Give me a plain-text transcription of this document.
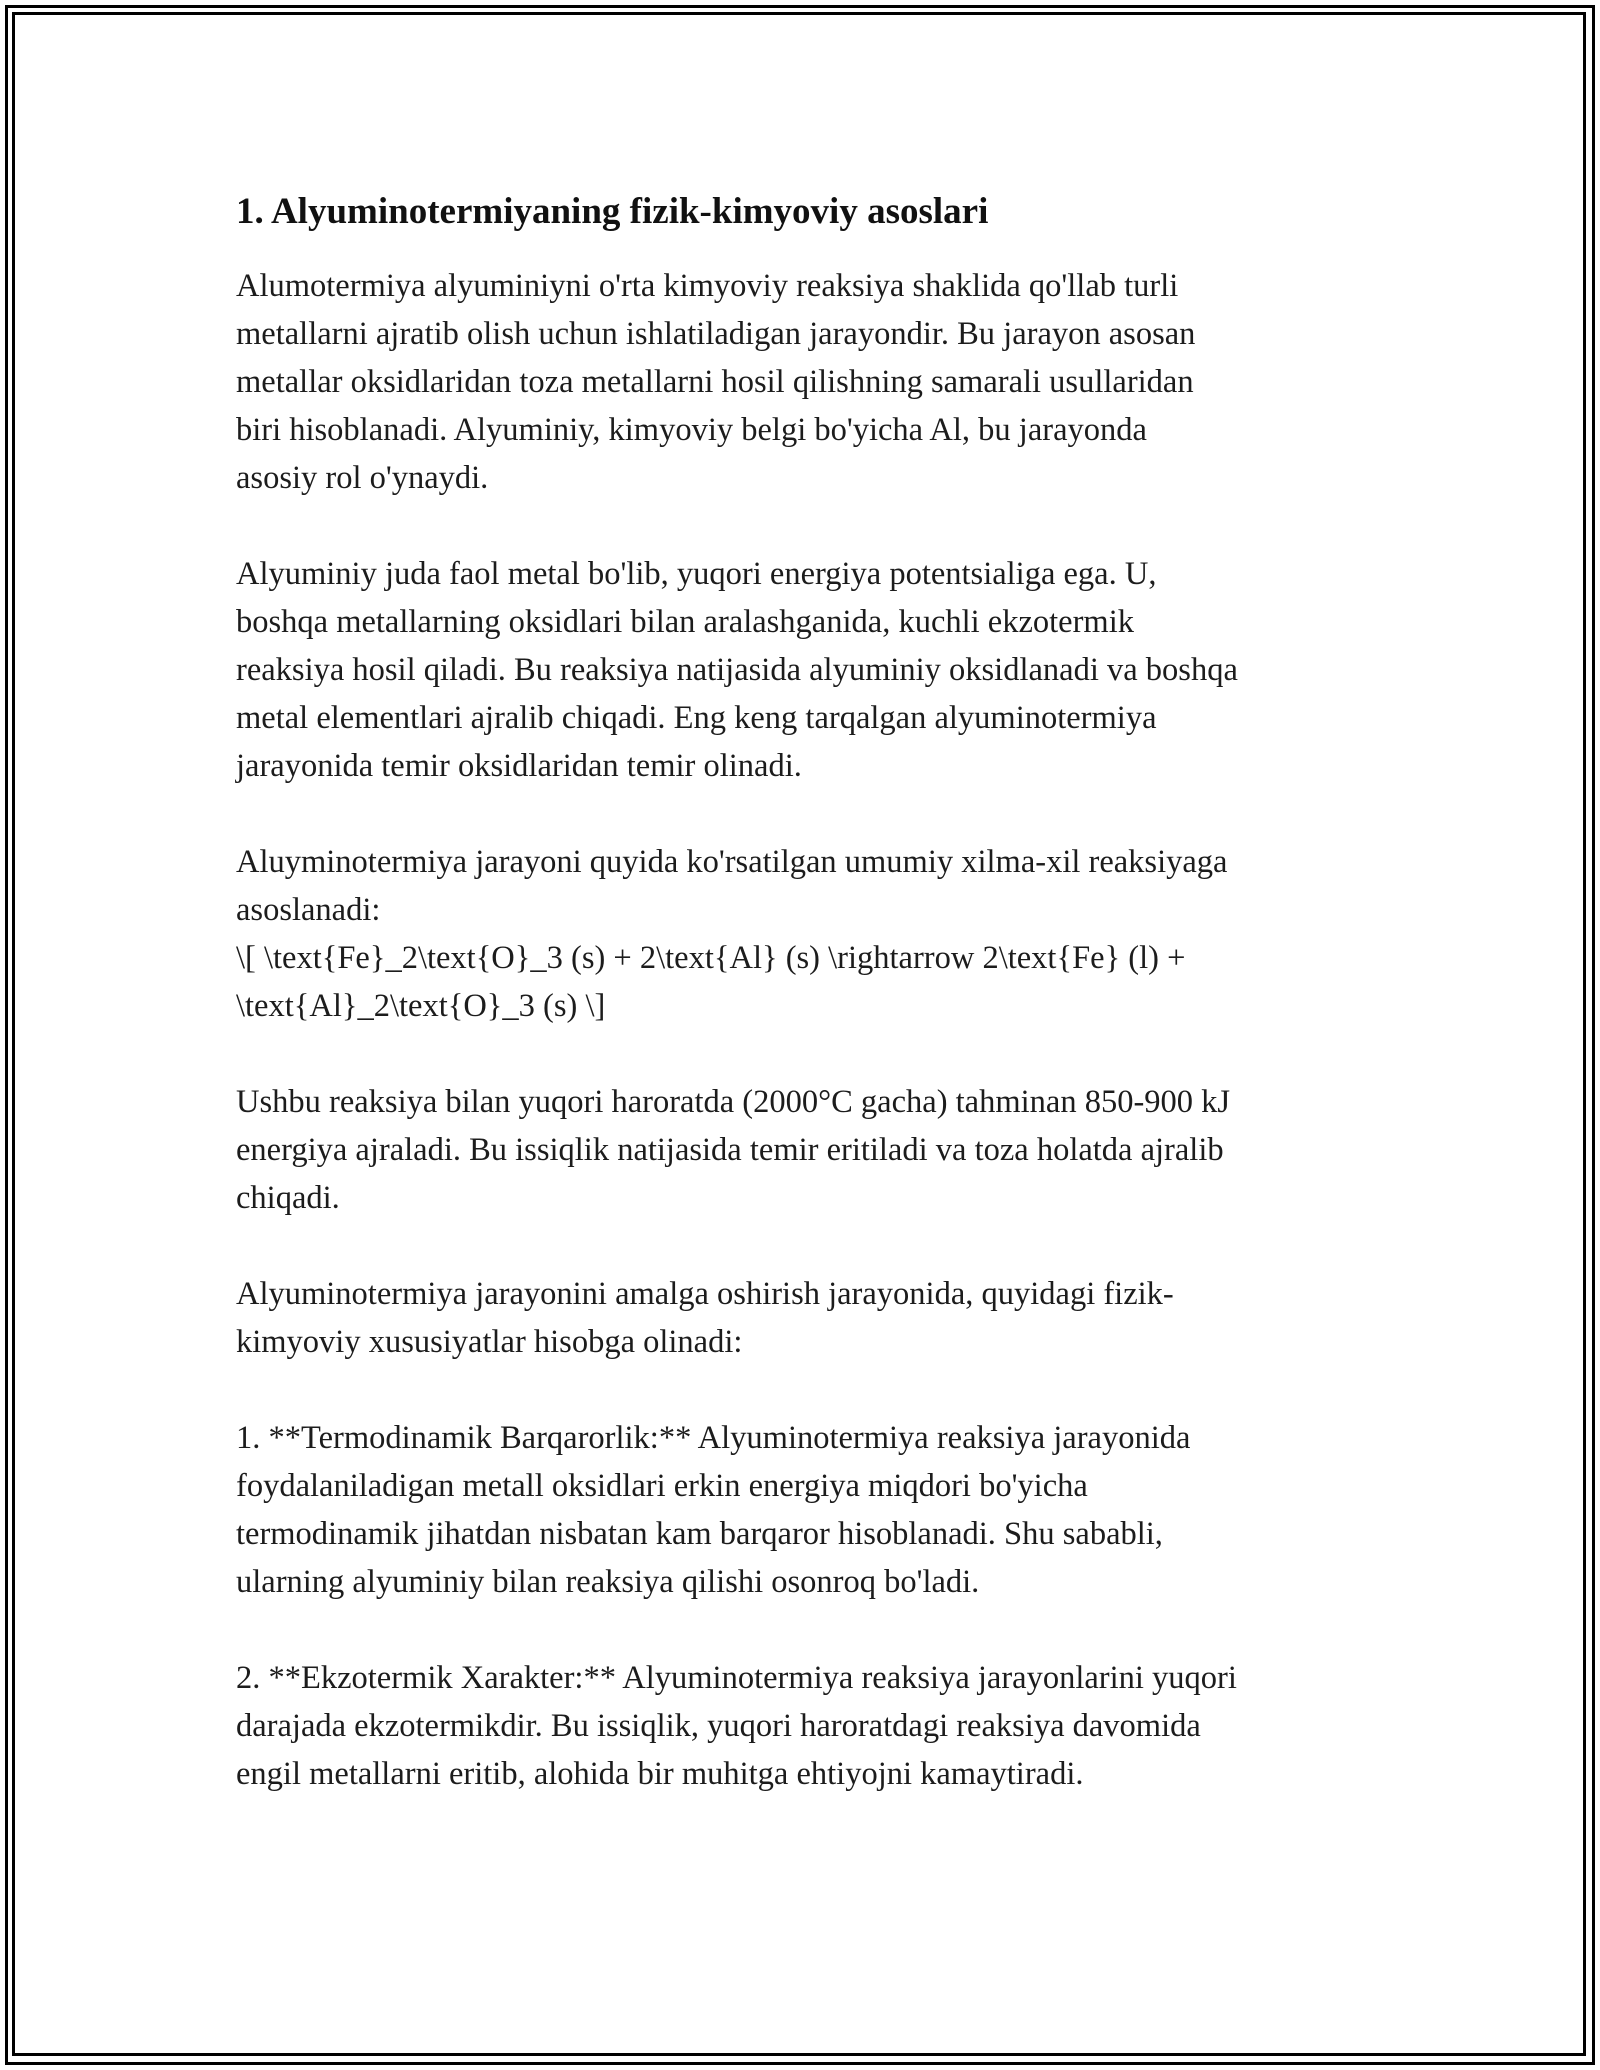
1. Alyuminotermiyaning fizik-kimyoviy asoslari

Alumotermiya alyuminiyni o'rta kimyoviy reaksiya shaklida qo'llab turli
metallarni ajratib olish uchun ishlatiladigan jarayondir. Bu jarayon asosan
metallar oksidlaridan toza metallarni hosil qilishning samarali usullaridan
biri hisoblanadi. Alyuminiy, kimyoviy belgi bo'yicha Al, bu jarayonda
asosiy rol o'ynaydi.

Alyuminiy juda faol metal bo'lib, yuqori energiya potentsialiga ega. U,
boshqa metallarning oksidlari bilan aralashganida, kuchli ekzotermik
reaksiya hosil qiladi. Bu reaksiya natijasida alyuminiy oksidlanadi va boshqa
metal elementlari ajralib chiqadi. Eng keng tarqalgan alyuminotermiya
jarayonida temir oksidlaridan temir olinadi.

Aluyminotermiya jarayoni quyida ko'rsatilgan umumiy xilma-xil reaksiyaga
asoslanadi:
\[ \text{Fe}_2\text{O}_3 (s) + 2\text{Al} (s) \rightarrow 2\text{Fe} (l) +
\text{Al}_2\text{O}_3 (s) \]

Ushbu reaksiya bilan yuqori haroratda (2000°C gacha) tahminan 850-900 kJ
energiya ajraladi. Bu issiqlik natijasida temir eritiladi va toza holatda ajralib
chiqadi.

Alyuminotermiya jarayonini amalga oshirish jarayonida, quyidagi fizik-
kimyoviy xususiyatlar hisobga olinadi:

1. **Termodinamik Barqarorlik:** Alyuminotermiya reaksiya jarayonida
foydalaniladigan metall oksidlari erkin energiya miqdori bo'yicha
termodinamik jihatdan nisbatan kam barqaror hisoblanadi. Shu sababli,
ularning alyuminiy bilan reaksiya qilishi osonroq bo'ladi.

2. **Ekzotermik Xarakter:** Alyuminotermiya reaksiya jarayonlarini yuqori
darajada ekzotermikdir. Bu issiqlik, yuqori haroratdagi reaksiya davomida
engil metallarni eritib, alohida bir muhitga ehtiyojni kamaytiradi.
